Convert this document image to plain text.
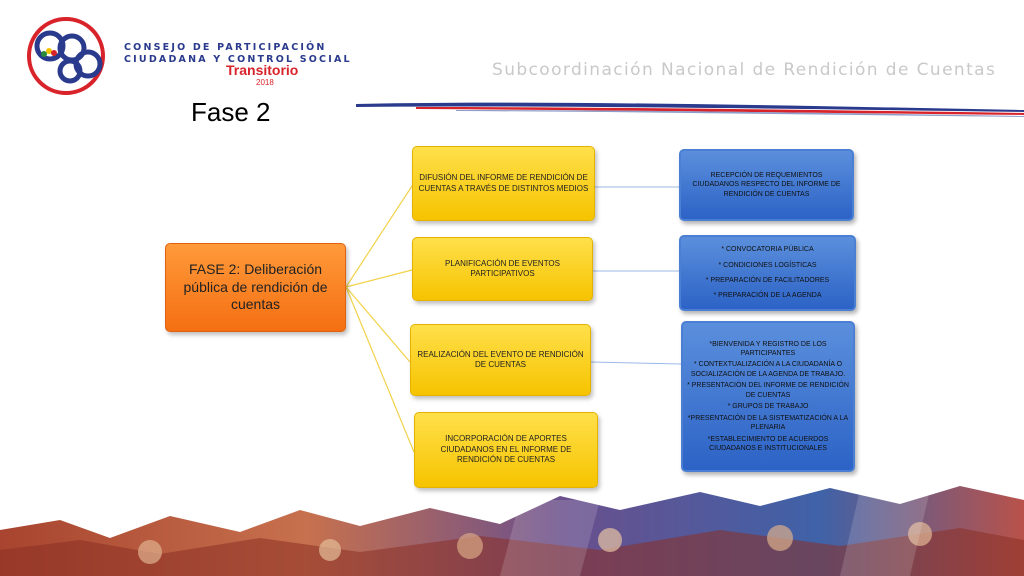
CONSEJO DE PARTICIPACIÓN
CIUDADANA Y CONTROL SOCIAL
Transitorio
2018
Subcoordinación Nacional de Rendición de Cuentas
Fase 2
FASE 2: Deliberación pública de rendición de cuentas
DIFUSIÓN DEL INFORME DE RENDICIÓN DE CUENTAS A TRAVÉS DE DISTINTOS MEDIOS
PLANIFICACIÓN DE EVENTOS PARTICIPATIVOS
REALIZACIÓN DEL EVENTO DE RENDICIÓN DE CUENTAS
INCORPORACIÓN DE APORTES CIUDADANOS EN EL INFORME DE RENDICIÓN DE CUENTAS
RECEPCIÓN DE REQUEMIENTOS CIUDADANOS RESPECTO DEL INFORME DE RENDICIÓN DE CUENTAS
* CONVOCATORIA PÚBLICA
* CONDICIONES LOGÍSTICAS
* PREPARACIÓN DE FACILITADORES
* PREPARACIÓN DE LA AGENDA
*BIENVENIDA Y REGISTRO DE LOS PARTICIPANTES
* CONTEXTUALIZACIÓN A LA CIUDADANÍA O SOCIALIZACIÓN DE LA AGENDA DE TRABAJO.
* PRESENTACIÓN DEL INFORME DE RENDICIÓN DE CUENTAS
* GRUPOS DE TRABAJO
*PRESENTACIÓN DE LA SISTEMATIZACIÓN A LA PLENARIA
*ESTABLECIMIENTO DE ACUERDOS CIUDADANOS E INSTITUCIONALES
